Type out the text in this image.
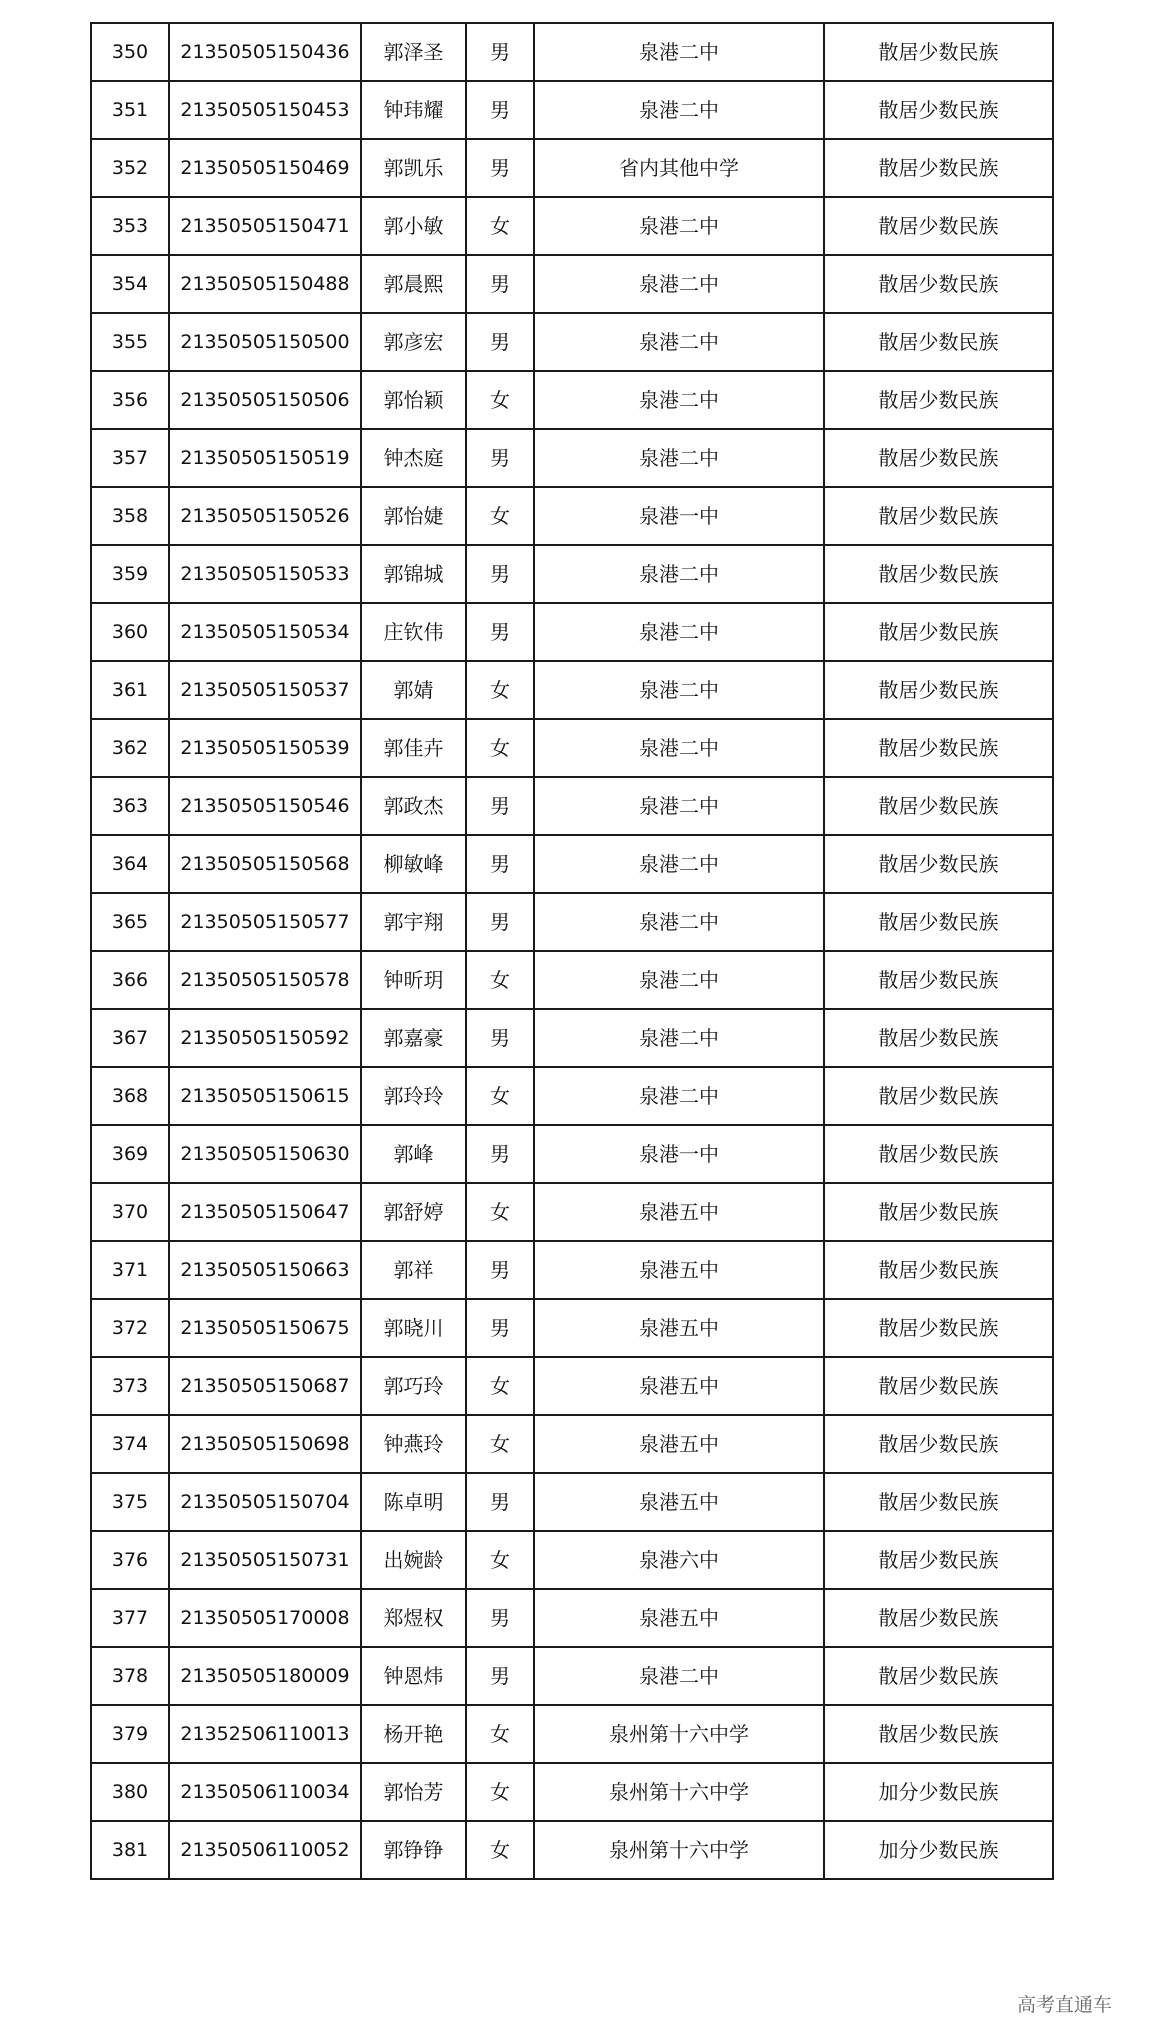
350	21350505150436	郭泽圣	男	泉港二中	散居少数民族
351	21350505150453	钟玮耀	男	泉港二中	散居少数民族
352	21350505150469	郭凯乐	男	省内其他中学	散居少数民族
353	21350505150471	郭小敏	女	泉港二中	散居少数民族
354	21350505150488	郭晨熙	男	泉港二中	散居少数民族
355	21350505150500	郭彦宏	男	泉港二中	散居少数民族
356	21350505150506	郭怡颖	女	泉港二中	散居少数民族
357	21350505150519	钟杰庭	男	泉港二中	散居少数民族
358	21350505150526	郭怡婕	女	泉港一中	散居少数民族
359	21350505150533	郭锦城	男	泉港二中	散居少数民族
360	21350505150534	庄钦伟	男	泉港二中	散居少数民族
361	21350505150537	郭婧	女	泉港二中	散居少数民族
362	21350505150539	郭佳卉	女	泉港二中	散居少数民族
363	21350505150546	郭政杰	男	泉港二中	散居少数民族
364	21350505150568	柳敏峰	男	泉港二中	散居少数民族
365	21350505150577	郭宇翔	男	泉港二中	散居少数民族
366	21350505150578	钟昕玥	女	泉港二中	散居少数民族
367	21350505150592	郭嘉豪	男	泉港二中	散居少数民族
368	21350505150615	郭玲玲	女	泉港二中	散居少数民族
369	21350505150630	郭峰	男	泉港一中	散居少数民族
370	21350505150647	郭舒婷	女	泉港五中	散居少数民族
371	21350505150663	郭祥	男	泉港五中	散居少数民族
372	21350505150675	郭晓川	男	泉港五中	散居少数民族
373	21350505150687	郭巧玲	女	泉港五中	散居少数民族
374	21350505150698	钟燕玲	女	泉港五中	散居少数民族
375	21350505150704	陈卓明	男	泉港五中	散居少数民族
376	21350505150731	出婉龄	女	泉港六中	散居少数民族
377	21350505170008	郑煜权	男	泉港五中	散居少数民族
378	21350505180009	钟恩炜	男	泉港二中	散居少数民族
379	21352506110013	杨开艳	女	泉州第十六中学	散居少数民族
380	21350506110034	郭怡芳	女	泉州第十六中学	加分少数民族
381	21350506110052	郭铮铮	女	泉州第十六中学	加分少数民族
高考直通车
